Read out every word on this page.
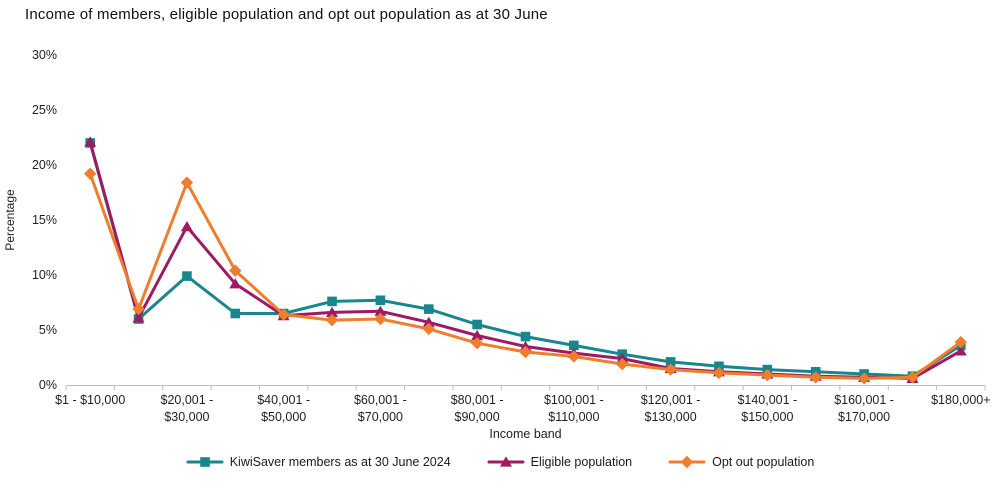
Income of members, eligible population and opt out population as at 30 June
0%
5%
10%
15%
20%
25%
30%
$1 - $10,000	$20,001 -$30,000
$40,001 -$50,000
$60,001 -$70,000
$80,001 -$90,000
$100,001 -$110,000
$120,001 -$130,000
$140,001 -$150,000
$160,001 -$170,000
$180,000+
Percentage
Income band
KiwiSaver members as at 30 June 2024	Eligible population	Opt out population
